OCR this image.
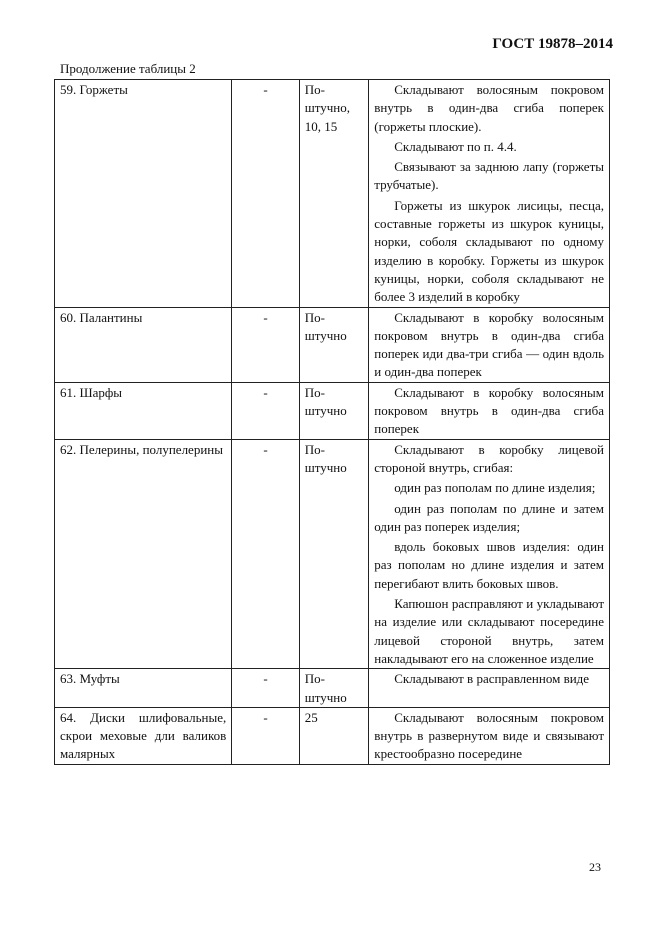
ГОСТ 19878–2014
Продолжение таблицы 2
59. Горжеты	-	По-штучно, 10, 15	Складывают волосяным покровом внутрь в один-два сгиба поперек (горжеты плоские).

Складывают по п. 4.4.

Связывают за заднюю лапу (горжеты трубчатые).

Горжеты из шкурок лисицы, песца, составные горжеты из шкурок куницы, норки, соболя складывают по одному изделию в коробку. Горжеты из шкурок куницы, норки, соболя складывают не более 3 изделий в коробку

60. Палантины	-	По-штучно	Складывают в коробку волосяным покровом внутрь в один-два сгиба поперек иди два-три сгиба — один вдоль и один-два поперек

61. Шарфы	-	По-штучно	Складывают в коробку волосяным покровом внутрь в один-два сгиба поперек

62. Пелерины, полупелерины	-	По-штучно	Складывают в коробку лицевой стороной внутрь, сгибая:

один раз пополам по длине изделия;

один раз пополам по длине и затем один раз поперек изделия;

вдоль боковых швов изделия: один раз пополам но длине изделия и затем перегибают влить боковых швов.

Капюшон расправляют и укладывают на изделие или складывают посередине лицевой стороной внутрь, затем накладывают его на сложенное изделие

63. Муфты	-	По-штучно	Складывают в расправленном виде

64. Диски шлифовальные, скрои меховые дли валиков малярных	-	25	Складывают волосяным покровом внутрь в развернутом виде и связывают крестообразно посередине

23
